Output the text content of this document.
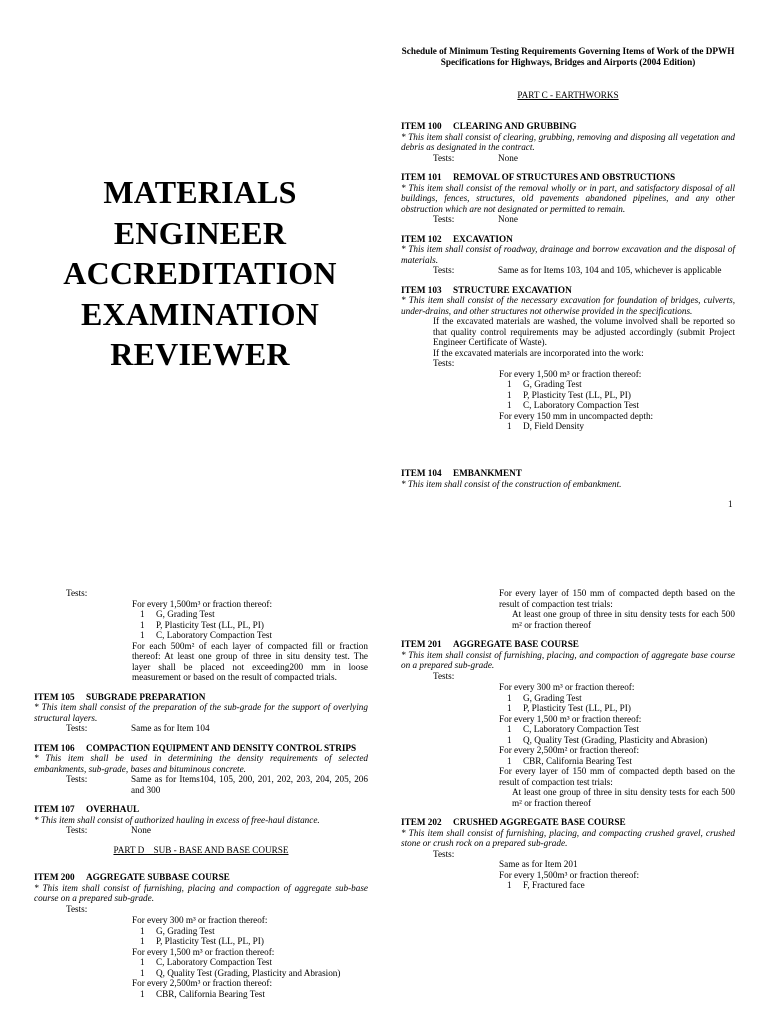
MATERIALS
ENGINEER
ACCREDITATION
EXAMINATION
REVIEWER
Schedule of Minimum Testing Requirements Governing Items of Work of the DPWH
Specifications for Highways, Bridges and Airports (2004 Edition)
PART C - EARTHWORKS

ITEM 100 CLEARING AND GRUBBING

* This item shall consist of clearing, grubbing, removing and disposing all vegetation and debris as designated in the contract.

Tests:	None

ITEM 101 REMOVAL OF STRUCTURES AND OBSTRUCTIONS

* This item shall consist of the removal wholly or in part, and satisfactory disposal of all buildings, fences, structures, old pavements abandoned pipelines, and any other obstruction which are not designated or permitted to remain.

Tests:	None

ITEM 102 EXCAVATION

* This item shall consist of roadway, drainage and borrow excavation and the disposal of materials.

Tests:	Same as for Items 103, 104 and 105, whichever is applicable

ITEM 103 STRUCTURE EXCAVATION

* This item shall consist of the necessary excavation for foundation of bridges, culverts, under-drains, and other structures not otherwise provided in the specifications.

If the excavated materials are washed, the volume involved shall be reported so that quality control requirements may be adjusted accordingly (submit Project Engineer Certificate of Waste).

If the excavated materials are incorporated into the work:

Tests:

For every 1,500 m³ or fraction thereof:

1 G, Grading Test

1 P, Plasticity Test (LL, PL, PI)

1 C, Laboratory Compaction Test

For every 150 mm in uncompacted depth:

1 D, Field Density

ITEM 104 EMBANKMENT

* This item shall consist of the construction of embankment.

1

Tests:

For every 1,500m³ or fraction thereof:

1 G, Grading Test

1 P, Plasticity Test (LL, PL, PI)

1 C, Laboratory Compaction Test

For each 500m² of each layer of compacted fill or fraction thereof: At least one group of three in situ density test. The layer shall be placed not exceeding200 mm in loose measurement or based on the result of compacted trials.

ITEM 105 SUBGRADE PREPARATION

* This item shall consist of the preparation of the sub-grade for the support of overlying structural layers.

Tests:	Same as for Item 104

ITEM 106 COMPACTION EQUIPMENT AND DENSITY CONTROL STRIPS

* This item shall be used in determining the density requirements of selected embankments, sub-grade, bases and bituminous concrete.

Tests:	Same as for Items104, 105, 200, 201, 202, 203, 204, 205, 206 and 300

ITEM 107 OVERHAUL

* This item shall consist of authorized hauling in excess of free-haul distance.

Tests:	None

PART D    SUB - BASE AND BASE COURSE

ITEM 200 AGGREGATE SUBBASE COURSE

* This item shall consist of furnishing, placing and compaction of aggregate sub-base course on a prepared sub-grade.

Tests:

For every 300 m³ or fraction thereof:

1 G, Grading Test

1 P, Plasticity Test (LL, PL, PI)

For every 1,500 m³ or fraction thereof:

1 C, Laboratory Compaction Test

1 Q, Quality Test (Grading, Plasticity and Abrasion)

For every 2,500m³ or fraction thereof:

1 CBR, California Bearing Test

For every layer of 150 mm of compacted depth based on the result of compaction test trials:

At least one group of three in situ density tests for each 500 m² or fraction thereof

ITEM 201 AGGREGATE BASE COURSE

* This item shall consist of furnishing, placing, and compaction of aggregate base course on a prepared sub-grade.

Tests:

For every 300 m³ or fraction thereof:

1 G, Grading Test

1 P, Plasticity Test (LL, PL, PI)

For every 1,500 m³ or fraction thereof:

1 C, Laboratory Compaction Test

1 Q, Quality Test (Grading, Plasticity and Abrasion)

For every 2,500m² or fraction thereof:

1 CBR, California Bearing Test

For every layer of 150 mm of compacted depth based on the result of compaction test trials:

At least one group of three in situ density tests for each 500 m² or fraction thereof

ITEM 202 CRUSHED AGGREGATE BASE COURSE

* This item shall consist of furnishing, placing, and compacting crushed gravel, crushed stone or crush rock on a prepared sub-grade.

Tests:

Same as for Item 201

For every 1,500m³ or fraction thereof:

1 F, Fractured face
